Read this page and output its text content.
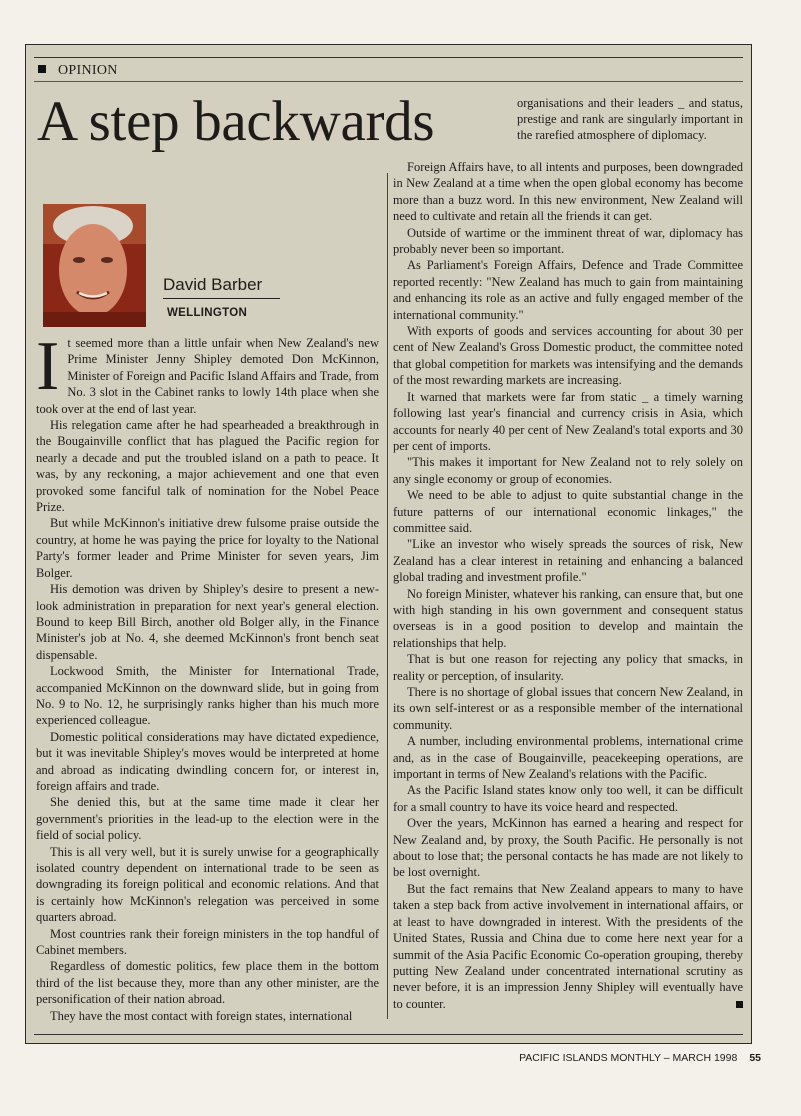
OPINION
A step backwards	organisations and their leaders _ and status, prestige and rank are singularly important in the rarefied atmosphere of diplomacy.

David Barber
WELLINGTON

It seemed more than a little unfair when New Zealand's new Prime Minister Jenny Shipley demoted Don McKinnon, Minister of Foreign and Pacific Island Affairs and Trade, from No. 3 slot in the Cabinet ranks to lowly 14th place when she took over at the end of last year.

His relegation came after he had spearheaded a breakthrough in the Bougainville conflict that has plagued the Pacific region for nearly a decade and put the troubled island on a path to peace. It was, by any reckoning, a major achievement and one that even provoked some fanciful talk of nomination for the Nobel Peace Prize.

But while McKinnon's initiative drew fulsome praise outside the country, at home he was paying the price for loyalty to the National Party's former leader and Prime Minister for seven years, Jim Bolger.

His demotion was driven by Shipley's desire to present a new-look administration in preparation for next year's general election. Bound to keep Bill Birch, another old Bolger ally, in the Finance Minister's job at No. 4, she deemed McKinnon's front bench seat dispensable.

Lockwood Smith, the Minister for International Trade, accompanied McKinnon on the downward slide, but in going from No. 9 to No. 12, he surprisingly ranks higher than his much more experienced colleague.

Domestic political considerations may have dictated expedience, but it was inevitable Shipley's moves would be interpreted at home and abroad as indicating dwindling concern for, or interest in, foreign affairs and trade.

She denied this, but at the same time made it clear her government's priorities in the lead-up to the election were in the field of social policy.

This is all very well, but it is surely unwise for a geographically isolated country dependent on international trade to be seen as downgrading its foreign political and economic relations. And that is certainly how McKinnon's relegation was perceived in some quarters abroad.

Most countries rank their foreign ministers in the top handful of Cabinet members.

Regardless of domestic politics, few place them in the bottom third of the list because they, more than any other minister, are the personification of their nation abroad.

They have the most contact with foreign states, international

Foreign Affairs have, to all intents and purposes, been downgraded in New Zealand at a time when the open global economy has become more than a buzz word. In this new environment, New Zealand will need to cultivate and retain all the friends it can get.

Outside of wartime or the imminent threat of war, diplomacy has probably never been so important.

As Parliament's Foreign Affairs, Defence and Trade Committee reported recently: "New Zealand has much to gain from maintaining and enhancing its role as an active and fully engaged member of the international community."

With exports of goods and services accounting for about 30 per cent of New Zealand's Gross Domestic product, the committee noted that global competition for markets was intensifying and the demands of the most rewarding markets are increasing.

It warned that markets were far from static _ a timely warning following last year's financial and currency crisis in Asia, which accounts for nearly 40 per cent of New Zealand's total exports and 30 per cent of imports.

"This makes it important for New Zealand not to rely solely on any single economy or group of economies.

We need to be able to adjust to quite substantial change in the future patterns of our international economic linkages," the committee said.

"Like an investor who wisely spreads the sources of risk, New Zealand has a clear interest in retaining and enhancing a balanced global trading and investment profile."

No foreign Minister, whatever his ranking, can ensure that, but one with high standing in his own government and consequent status overseas is in a good position to develop and maintain the relationships that help.

That is but one reason for rejecting any policy that smacks, in reality or perception, of insularity.

There is no shortage of global issues that concern New Zealand, in its own self-interest or as a responsible member of the international community.

A number, including environmental problems, international crime and, as in the case of Bougainville, peacekeeping operations, are important in terms of New Zealand's relations with the Pacific.

As the Pacific Island states know only too well, it can be difficult for a small country to have its voice heard and respected.

Over the years, McKinnon has earned a hearing and respect for New Zealand and, by proxy, the South Pacific. He personally is not about to lose that; the personal contacts he has made are not likely to be lost overnight.

But the fact remains that New Zealand appears to many to have taken a step back from active involvement in international affairs, or at least to have downgraded in interest. With the presidents of the United States, Russia and China due to come here next year for a summit of the Asia Pacific Economic Co-operation grouping, thereby putting New Zealand under concentrated international scrutiny as never before, it is an impression Jenny Shipley will eventually have to counter.

PACIFIC ISLANDS MONTHLY – MARCH 1998 55
